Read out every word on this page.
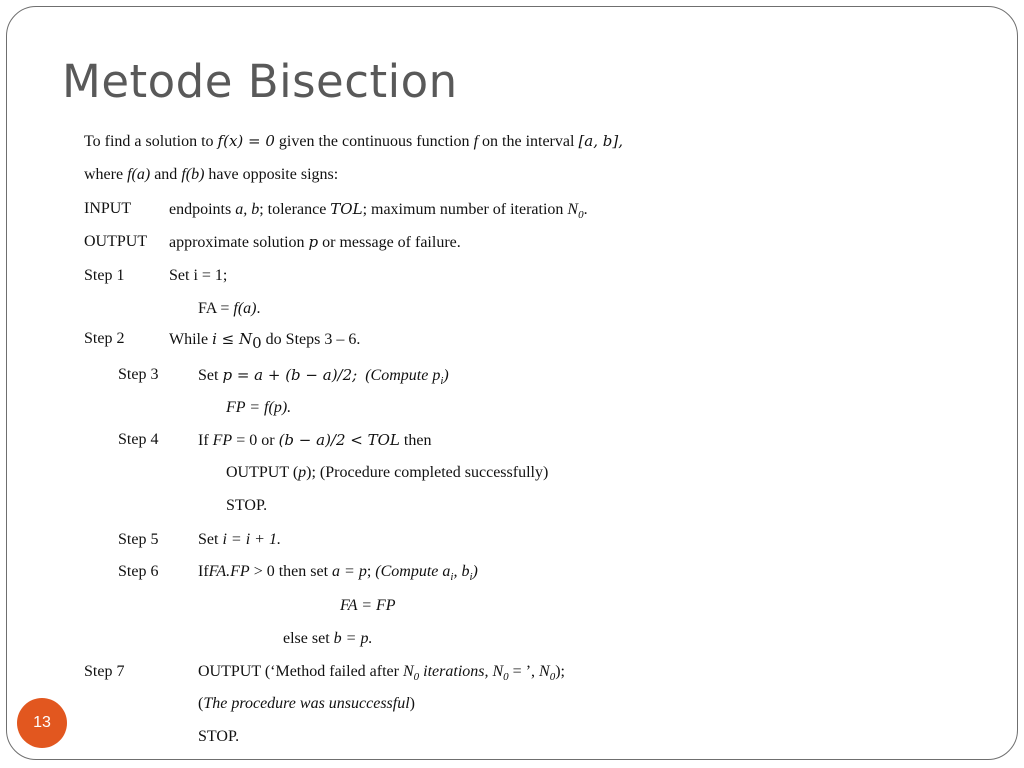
Metode Bisection
To find a solution to f(x) = 0 given the continuous function f on the interval [a, b],
where f(a) and f(b) have opposite signs:
INPUT endpoints a, b; tolerance TOL; maximum number of iteration $N_0$.
OUTPUT approximate solution p or message of failure.
Step 1	Set i = 1;
FA = f(a).
Step 2	While $i \le N_0$ do Steps 3 – 6.
Step 3 Set p = a + (b − a)/2; (Compute $p_i$)
FP = f(p).
Step 4 If FP = 0 or (b − a)/2 < TOL then
OUTPUT (p); (Procedure completed successfully)
STOP.
Step 5 Set i = i + 1.
Step 6 IfFA.FP > 0 then set a = p; (Compute $a_i$, $b_i$)
FA = FP
else set b = p.
Step 7	OUTPUT (‘Method failed after $N_0$ iterations, $N_0$ = ’, $N_0$);
(The procedure was unsuccessful)
STOP.
13
